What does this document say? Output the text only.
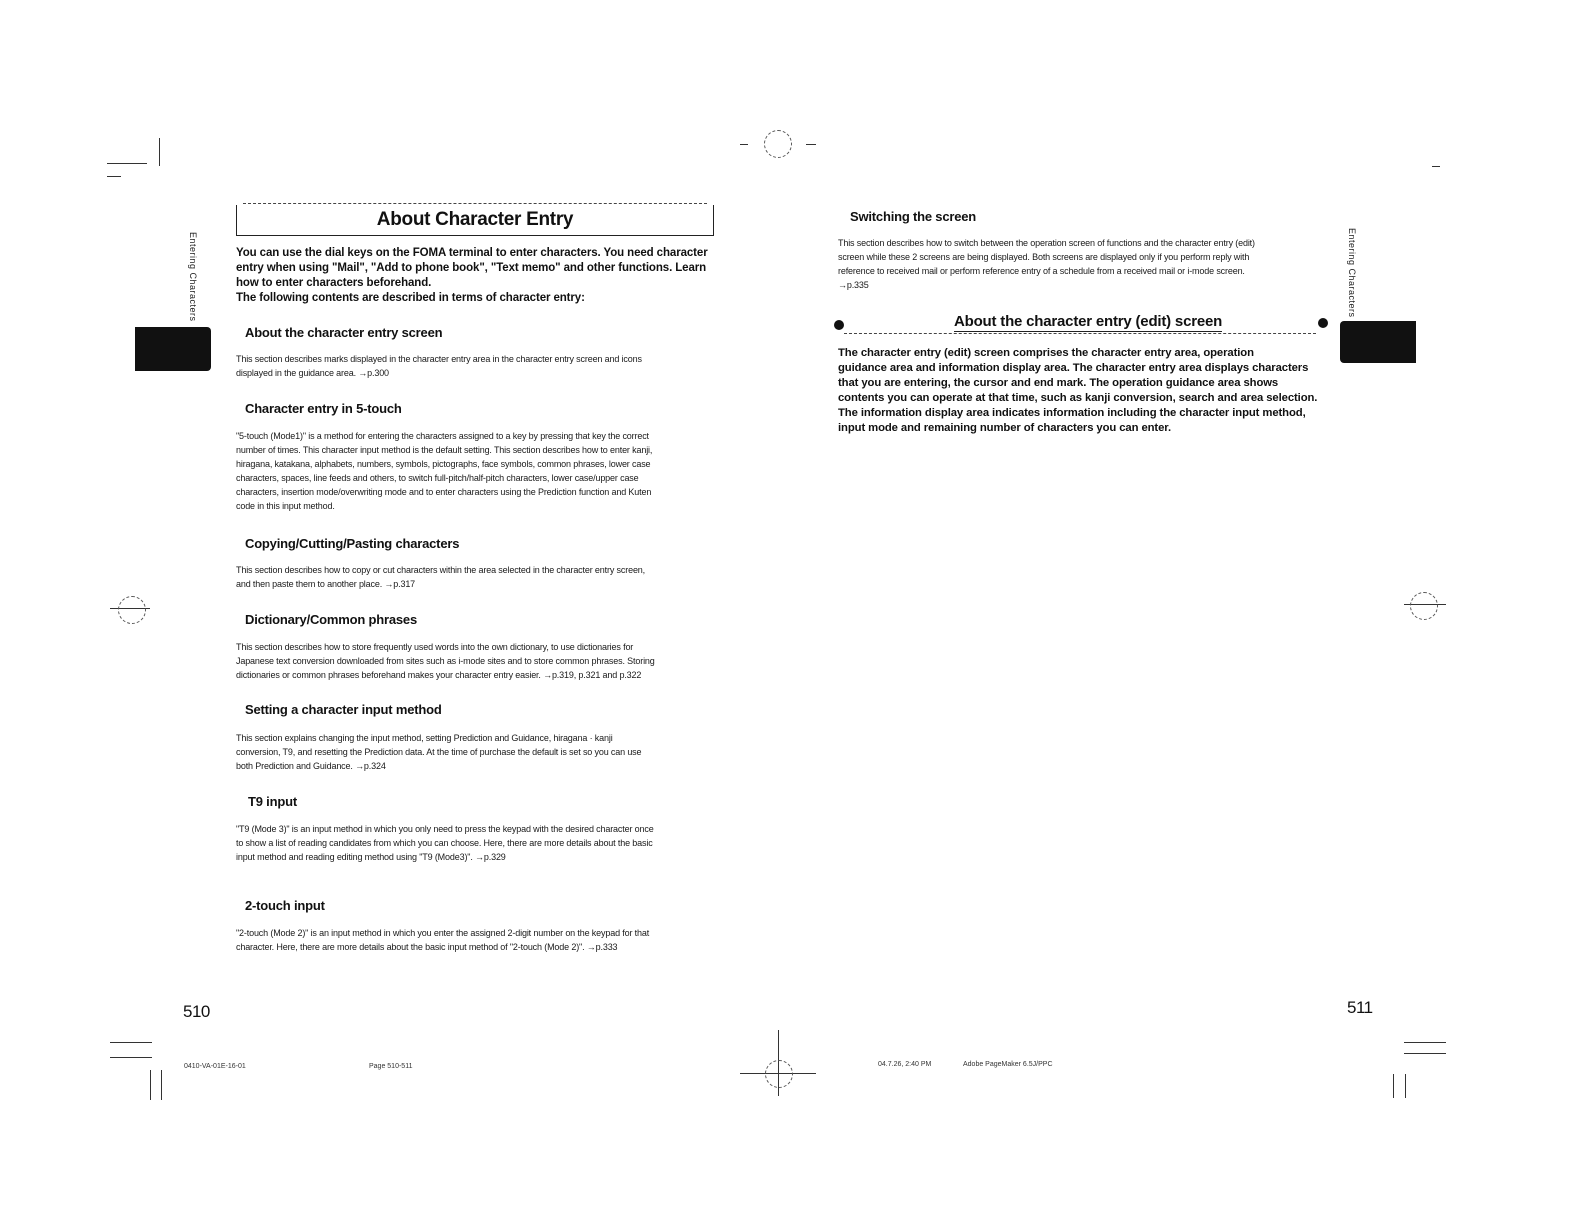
Entering Characters
About Character Entry
You can use the dial keys on the FOMA terminal to enter characters. You need character
entry when using "Mail", "Add to phone book", "Text memo" and other functions. Learn
how to enter characters beforehand.
The following contents are described in terms of character entry:
About the character entry screen
This section describes marks displayed in the character entry area in the character entry screen and icons
displayed in the guidance area. →p.300
Character entry in 5-touch
"5-touch (Mode1)" is a method for entering the characters assigned to a key by pressing that key the correct
number of times. This character input method is the default setting. This section describes how to enter kanji,
hiragana, katakana, alphabets, numbers, symbols, pictographs, face symbols, common phrases, lower case
characters, spaces, line feeds and others, to switch full-pitch/half-pitch characters, lower case/upper case
characters, insertion mode/overwriting mode and to enter characters using the Prediction function and Kuten
code in this input method.
Copying/Cutting/Pasting characters
This section describes how to copy or cut characters within the area selected in the character entry screen,
and then paste them to another place. →p.317
Dictionary/Common phrases
This section describes how to store frequently used words into the own dictionary, to use dictionaries for
Japanese text conversion downloaded from sites such as i-mode sites and to store common phrases. Storing
dictionaries or common phrases beforehand makes your character entry easier. →p.319, p.321 and p.322
Setting a character input method
This section explains changing the input method, setting Prediction and Guidance, hiragana · kanji
conversion, T9, and resetting the Prediction data. At the time of purchase the default is set so you can use
both Prediction and Guidance. →p.324
T9 input
"T9 (Mode 3)" is an input method in which you only need to press the keypad with the desired character once
to show a list of reading candidates from which you can choose. Here, there are more details about the basic
input method and reading editing method using "T9 (Mode3)". →p.329
2-touch input
"2-touch (Mode 2)" is an input method in which you enter the assigned 2-digit number on the keypad for that
character. Here, there are more details about the basic input method of "2-touch (Mode 2)". →p.333
510
0410-VA-01E-16-01	Page 510-511
Entering Characters
Switching the screen
This section describes how to switch between the operation screen of functions and the character entry (edit)
screen while these 2 screens are being displayed. Both screens are displayed only if you perform reply with
reference to received mail or perform reference entry of a schedule from a received mail or i-mode screen.
→p.335
About the character entry (edit) screen
The character entry (edit) screen comprises the character entry area, operation
guidance area and information display area. The character entry area displays characters
that you are entering, the cursor and end mark. The operation guidance area shows
contents you can operate at that time, such as kanji conversion, search and area selection.
The information display area indicates information including the character input method,
input mode and remaining number of characters you can enter.
511
04.7.26, 2:40 PM	Adobe PageMaker 6.5J/PPC
